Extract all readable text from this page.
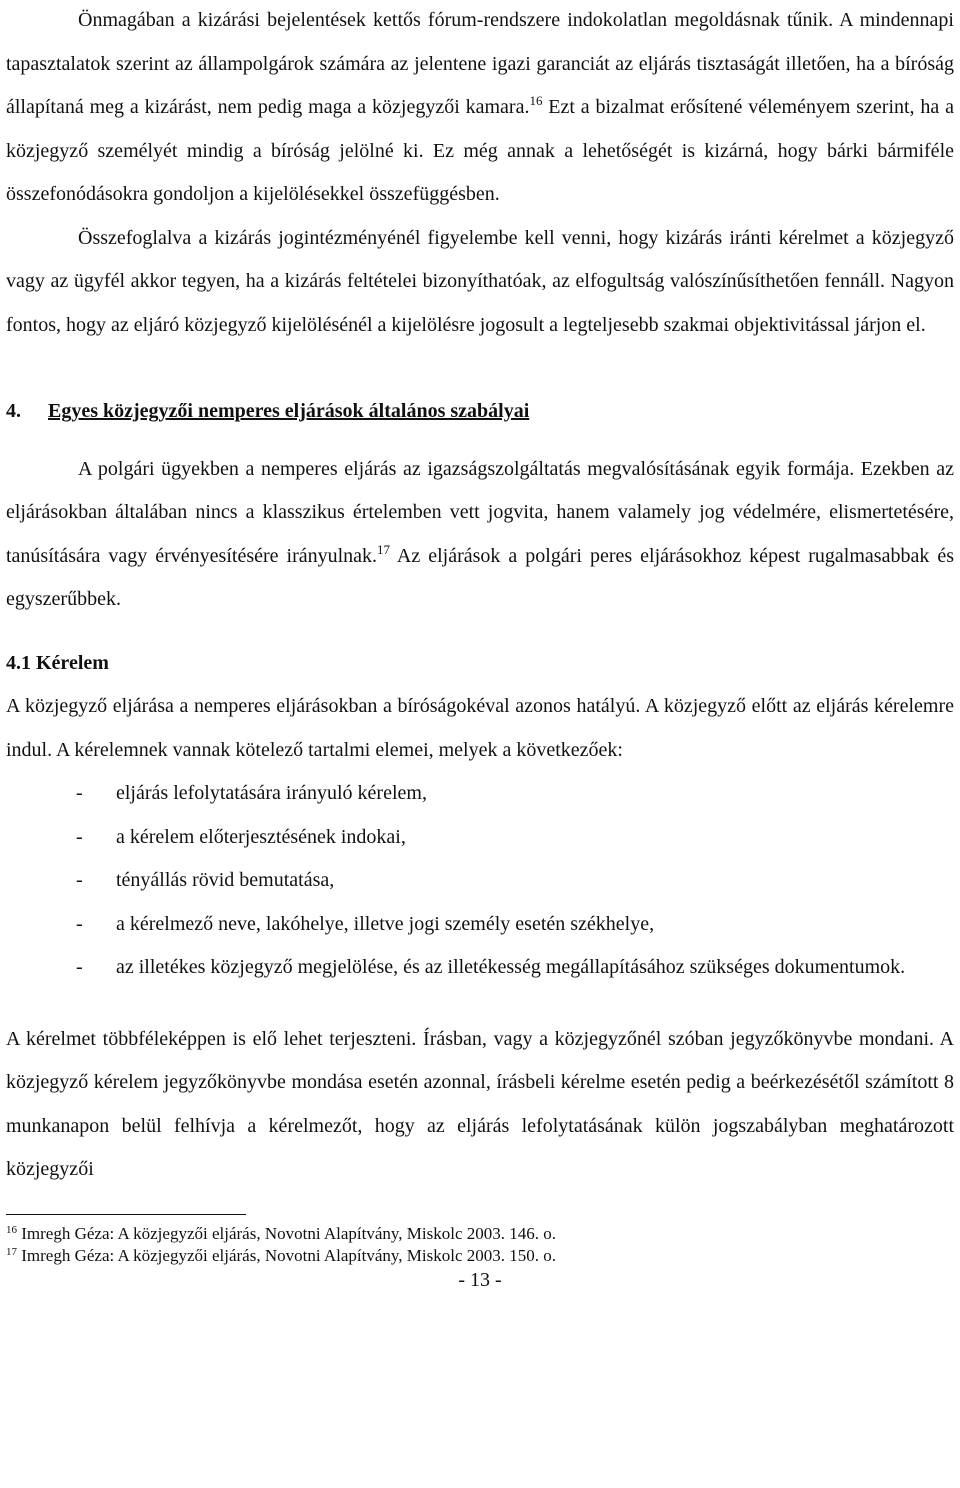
Önmagában a kizárási bejelentések kettős fórum-rendszere indokolatlan megoldásnak tűnik. A mindennapi tapasztalatok szerint az állampolgárok számára az jelentene igazi garanciát az eljárás tisztaságát illetően, ha a bíróság állapítaná meg a kizárást, nem pedig maga a közjegyzői kamara.$^{16}$ Ezt a bizalmat erősítené véleményem szerint, ha a közjegyző személyét mindig a bíróság jelölné ki. Ez még annak a lehetőségét is kizárná, hogy bárki bármiféle összefonódásokra gondoljon a kijelölésekkel összefüggésben.

Összefoglalva a kizárás jogintézményénél figyelembe kell venni, hogy kizárás iránti kérelmet a közjegyző vagy az ügyfél akkor tegyen, ha a kizárás feltételei bizonyíthatóak, az elfogultság valószínűsíthetően fennáll. Nagyon fontos, hogy az eljáró közjegyző kijelölésénél a kijelölésre jogosult a legteljesebb szakmai objektivitással járjon el.

4. Egyes közjegyzői nemperes eljárások általános szabályai

A polgári ügyekben a nemperes eljárás az igazságszolgáltatás megvalósításának egyik formája. Ezekben az eljárásokban általában nincs a klasszikus értelemben vett jogvita, hanem valamely jog védelmére, elismertetésére, tanúsítására vagy érvényesítésére irányulnak.$^{17}$ Az eljárások a polgári peres eljárásokhoz képest rugalmasabbak és egyszerűbbek.

4.1 Kérelem

A közjegyző eljárása a nemperes eljárásokban a bíróságokéval azonos hatályú. A közjegyző előtt az eljárás kérelemre indul. A kérelemnek vannak kötelező tartalmi elemei, melyek a következőek:

- eljárás lefolytatására irányuló kérelem,
- a kérelem előterjesztésének indokai,
- tényállás rövid bemutatása,
- a kérelmező neve, lakóhelye, illetve jogi személy esetén székhelye,
- az illetékes közjegyző megjelölése, és az illetékesség megállapításához szükséges dokumentumok.

A kérelmet többféleképpen is elő lehet terjeszteni. Írásban, vagy a közjegyzőnél szóban jegyzőkönyvbe mondani. A közjegyző kérelem jegyzőkönyvbe mondása esetén azonnal, írásbeli kérelme esetén pedig a beérkezésétől számított 8 munkanapon belül felhívja a kérelmezőt, hogy az eljárás lefolytatásának külön jogszabályban meghatározott közjegyzői

$^{16}$ Imregh Géza: A közjegyzői eljárás, Novotni Alapítvány, Miskolc 2003. 146. o.

$^{17}$ Imregh Géza: A közjegyzői eljárás, Novotni Alapítvány, Miskolc 2003. 150. o.

- 13 -
